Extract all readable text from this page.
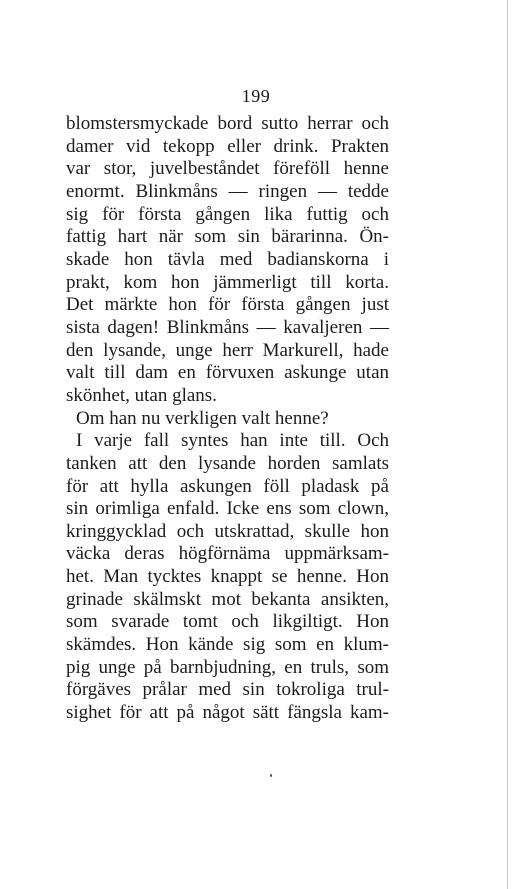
199
blomstersmyckade bord sutto herrar och
damer vid tekopp eller drink. Prakten
var stor, juvelbeståndet föreföll henne
enormt. Blinkmåns — ringen — tedde
sig för första gången lika futtig och
fattig hart när som sin bärarinna. Ön-
skade hon tävla med badianskorna i
prakt, kom hon jämmerligt till korta.
Det märkte hon för första gången just
sista dagen! Blinkmåns — kavaljeren —
den lysande, unge herr Markurell, hade
valt till dam en förvuxen askunge utan
skönhet, utan glans.
Om han nu verkligen valt henne?
I varje fall syntes han inte till. Och
tanken att den lysande horden samlats
för att hylla askungen föll pladask på
sin orimliga enfald. Icke ens som clown,
kringgycklad och utskrattad, skulle hon
väcka deras högförnäma uppmärksam-
het. Man tycktes knappt se henne. Hon
grinade skälmskt mot bekanta ansikten,
som svarade tomt och likgiltigt. Hon
skämdes. Hon kände sig som en klum-
pig unge på barnbjudning, en truls, som
förgäves prålar med sin tokroliga trul-
sighet för att på något sätt fängsla kam-
